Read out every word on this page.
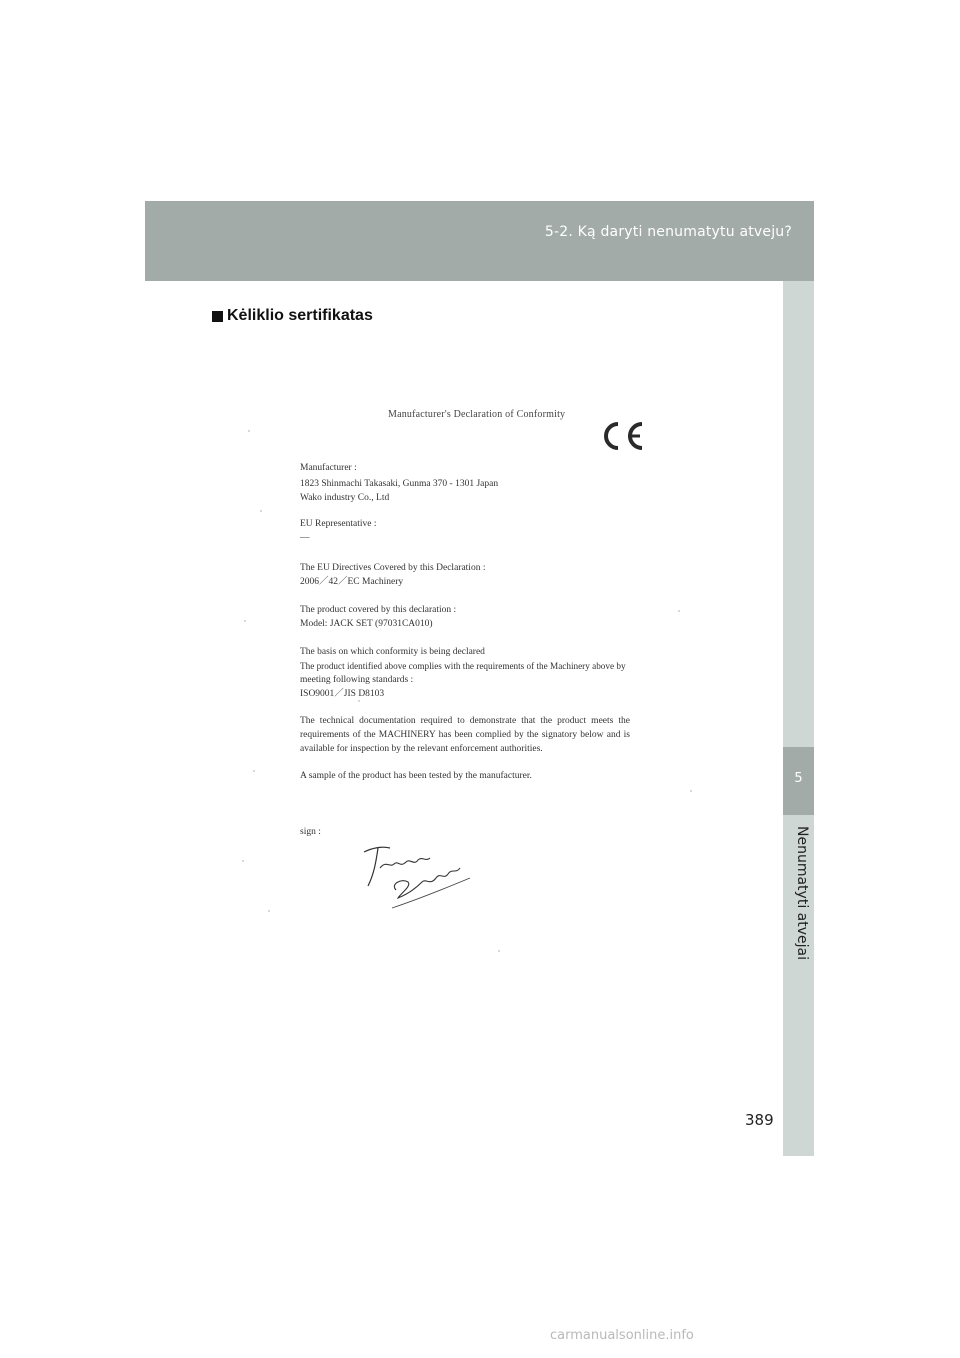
5-2. Ką daryti nenumatytu atveju?
5
Nenumatyti atvejai
Kėliklio sertifikatas
Manufacturer's Declaration of Conformity
Manufacturer :
1823 Shinmachi Takasaki, Gunma 370 - 1301 Japan
Wako industry Co., Ltd
EU Representative :
—
The EU Directives Covered by this Declaration :
2006／42／EC Machinery
The product covered by this declaration :
Model: JACK SET (97031CA010)
The basis on which conformity is being declared
The product identified above complies with the requirements of the Machinery above by
meeting following standards :
ISO9001／JIS D8103
The technical documentation required to demonstrate that the product meets the requirements of the MACHINERY has been complied by the signatory below and is available for inspection by the relevant enforcement authorities.
A sample of the product has been tested by the manufacturer.
sign :
389
carmanualsonline.info
